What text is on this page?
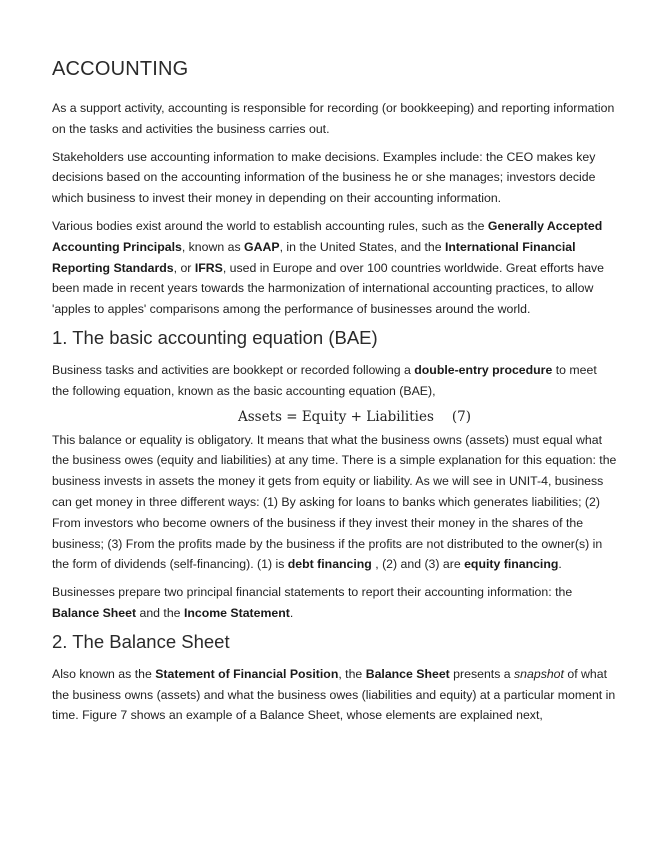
ACCOUNTING

As a support activity, accounting is responsible for recording (or bookkeeping) and reporting information on the tasks and activities the business carries out.

Stakeholders use accounting information to make decisions. Examples include: the CEO makes key decisions based on the accounting information of the business he or she manages; investors decide which business to invest their money in depending on their accounting information.

Various bodies exist around the world to establish accounting rules, such as the Generally Accepted Accounting Principals, known as GAAP, in the United States, and the International Financial Reporting Standards, or IFRS, used in Europe and over 100 countries worldwide. Great efforts have been made in recent years towards the harmonization of international accounting practices, to allow 'apples to apples' comparisons among the performance of businesses around the world.

1. The basic accounting equation (BAE)

Business tasks and activities are bookkept or recorded following a double-entry procedure to meet the following equation, known as the basic accounting equation (BAE),

Assets = Equity + Liabilities (7)

This balance or equality is obligatory. It means that what the business owns (assets) must equal what the business owes (equity and liabilities) at any time. There is a simple explanation for this equation: the business invests in assets the money it gets from equity or liability. As we will see in UNIT-4, business can get money in three different ways: (1) By asking for loans to banks which generates liabilities; (2) From investors who become owners of the business if they invest their money in the shares of the business; (3) From the profits made by the business if the profits are not distributed to the owner(s) in the form of dividends (self-financing). (1) is debt financing , (2) and (3) are equity financing.

Businesses prepare two principal financial statements to report their accounting information: the Balance Sheet and the Income Statement.

2. The Balance Sheet

Also known as the Statement of Financial Position, the Balance Sheet presents a snapshot of what the business owns (assets) and what the business owes (liabilities and equity) at a particular moment in time. Figure 7 shows an example of a Balance Sheet, whose elements are explained next,
